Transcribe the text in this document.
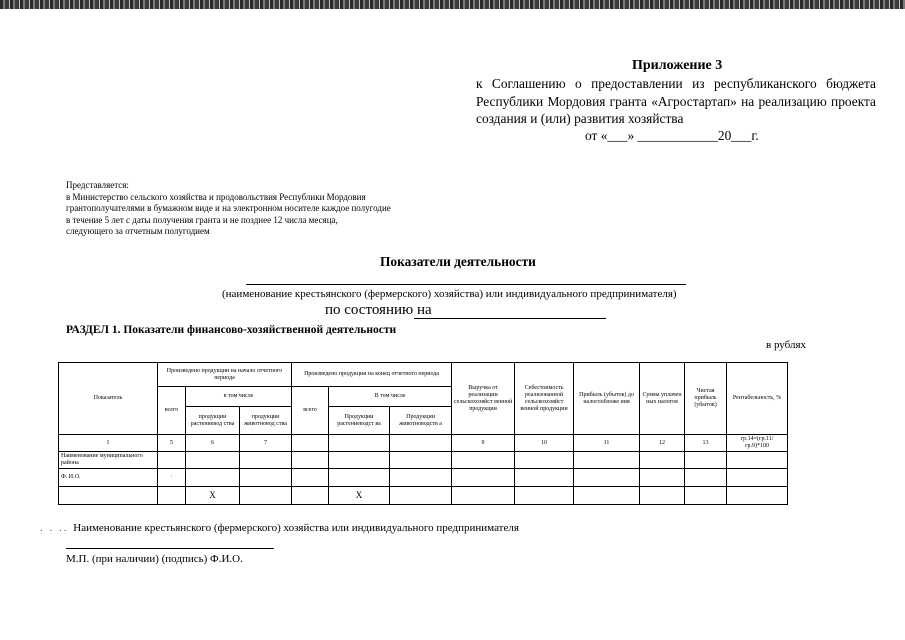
Приложение 3
к Соглашению о предоставлении из республиканского бюджета Республики Мордовия гранта «Агростартап» на реализацию проекта создания и (или) развития хозяйства
от «___» ____________20___г.
Представляется:
в Министерство сельского хозяйства и продовольствия Республики Мордовия
грантополучателями в бумажном виде и на электронном носителе каждое полугодие
в течение 5 лет с даты получения гранта и не позднее 12 числа месяца,
следующего за отчетным полугодием
Показатели деятельности
(наименование крестьянского (фермерского) хозяйства) или индивидуального предпринимателя)
по состоянию на
РАЗДЕЛ 1. Показатели финансово-хозяйственной деятельности
в рублях
Показатель	Произведено продукции на начало отчетного периода			Произведено продукции на конец отчетного периода			Выручка от реализации сельскохозяйст венной продукции	Себестоимость реализованной сельскохозяйст венной продукции	Прибыль (убыток) до налогообложе ния	Сумма уплачен ных налогов	Чистая прибыль (убыток)	Рентабельность, %
	всего	в том числе		всего	В том числе							
		продукции растениевод ства	продукции животновод ства		Продукции растениеводст ва	Продукции животноводств а						
1	5	6	7				9	10	11	12	13	гр.14=(гр.11/ гр.9)*100
Наименование муниципального района												
Ф. И.О.	·											
		X			X							
. . .. Наименование крестьянского (фермерского) хозяйства или индивидуального предпринимателя
М.П. (при наличии) (подпись) Ф.И.О.
